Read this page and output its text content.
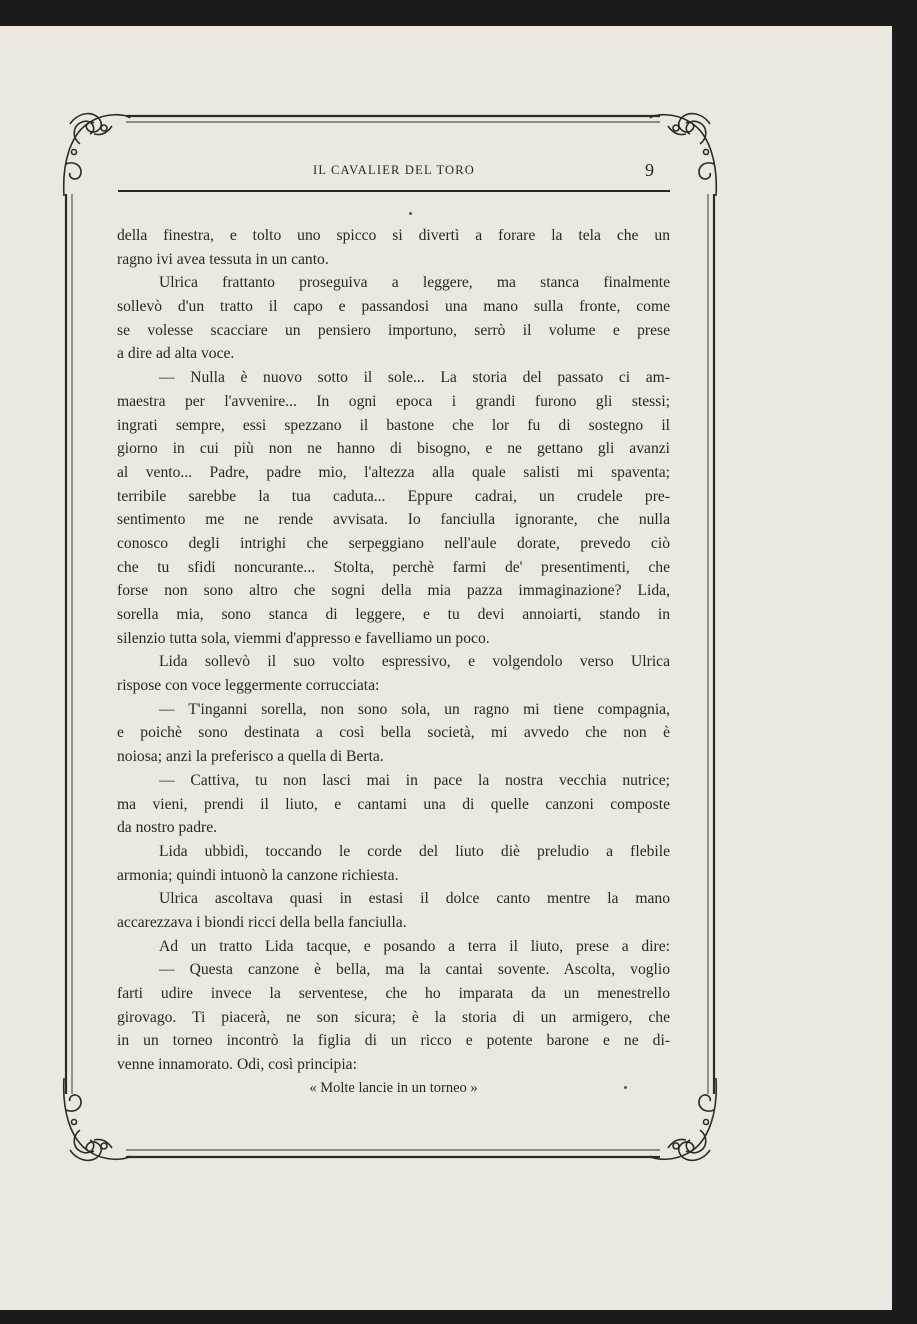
IL CAVALIER DEL TORO	9
della finestra, e tolto uno spicco si divertì a forare la tela che un
ragno ivi avea tessuta in un canto.
Ulrica frattanto proseguiva a leggere, ma stanca finalmente
sollevò d'un tratto il capo e passandosi una mano sulla fronte, come
se volesse scacciare un pensiero importuno, serrò il volume e prese
a dire ad alta voce.
— Nulla è nuovo sotto il sole... La storia del passato ci am-
maestra per l'avvenire... In ogni epoca i grandi furono gli stessi;
ingrati sempre, essi spezzano il bastone che lor fu di sostegno il
giorno in cui più non ne hanno di bisogno, e ne gettano gli avanzi
al vento... Padre, padre mio, l'altezza alla quale salisti mi spaventa;
terribile sarebbe la tua caduta... Eppure cadrai, un crudele pre-
sentimento me ne rende avvisata. Io fanciulla ignorante, che nulla
conosco degli intrighi che serpeggiano nell'aule dorate, prevedo ciò
che tu sfidi noncurante... Stolta, perchè farmi de' presentimenti, che
forse non sono altro che sogni della mia pazza immaginazione? Lida,
sorella mia, sono stanca di leggere, e tu devi annoiarti, stando in
silenzio tutta sola, viemmi d'appresso e favelliamo un poco.
Lida sollevò il suo volto espressivo, e volgendolo verso Ulrica
rispose con voce leggermente corrucciata:
— T'inganni sorella, non sono sola, un ragno mi tiene compagnia,
e poichè sono destinata a così bella società, mi avvedo che non è
noiosa; anzi la preferisco a quella di Berta.
— Cattiva, tu non lasci mai in pace la nostra vecchia nutrice;
ma vieni, prendi il liuto, e cantami una di quelle canzoni composte
da nostro padre.
Lida ubbidì, toccando le corde del liuto diè preludio a flebile
armonia; quindi intuonò la canzone richiesta.
Ulrica ascoltava quasi in estasi il dolce canto mentre la mano
accarezzava i biondi ricci della bella fanciulla.
Ad un tratto Lida tacque, e posando a terra il liuto, prese a dire:
— Questa canzone è bella, ma la cantai sovente. Ascolta, voglio
farti udire invece la serventese, che ho imparata da un menestrello
girovago. Ti piacerà, ne son sicura; è la storia di un armigero, che
in un torneo incontrò la figlia di un ricco e potente barone e ne di-
venne innamorato. Odi, così principia:
« Molte lancie in un torneo »
